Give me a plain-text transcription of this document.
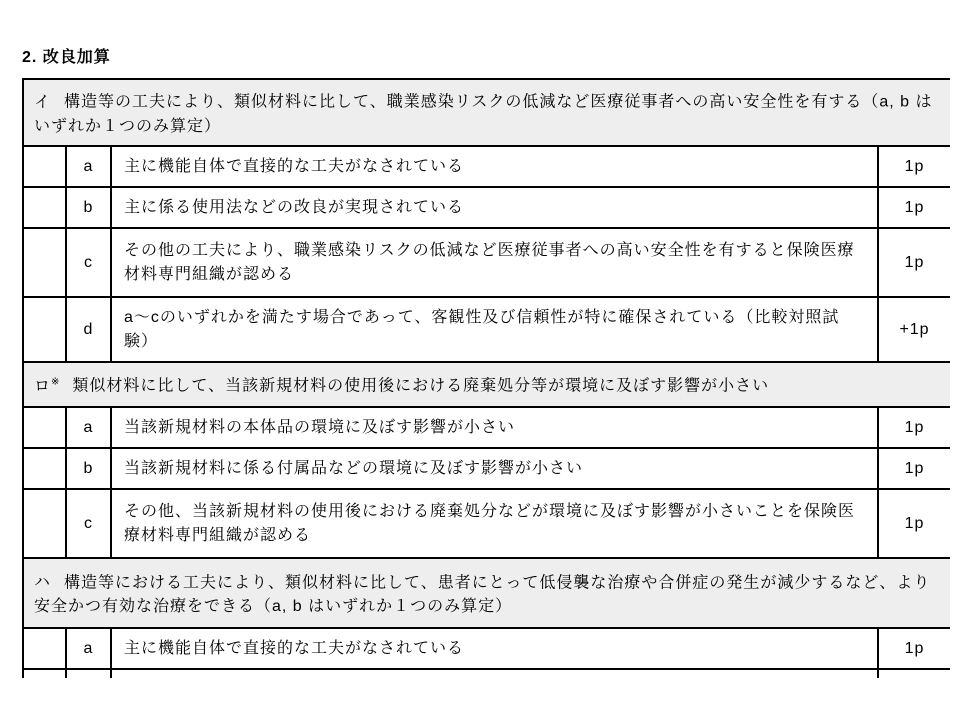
2. 改良加算
イ 構造等の工夫により、類似材料に比して、職業感染リスクの低減など医療従事者への高い安全性を有する（a, b はいずれか１つのみ算定）			
	a	主に機能自体で直接的な工夫がなされている	1p
	b	主に係る使用法などの改良が実現されている	1p
	c	その他の工夫により、職業感染リスクの低減など医療従事者への高い安全性を有すると保険医療材料専門組織が認める	1p
	d	a～cのいずれかを満たす場合であって、客観性及び信頼性が特に確保されている（比較対照試験）	+1p
ロ※ 類似材料に比して、当該新規材料の使用後における廃棄処分等が環境に及ぼす影響が小さい			
	a	当該新規材料の本体品の環境に及ぼす影響が小さい	1p
	b	当該新規材料に係る付属品などの環境に及ぼす影響が小さい	1p
	c	その他、当該新規材料の使用後における廃棄処分などが環境に及ぼす影響が小さいことを保険医療材料専門組織が認める	1p
ハ 構造等における工夫により、類似材料に比して、患者にとって低侵襲な治療や合併症の発生が減少するなど、より安全かつ有効な治療をできる（a, b はいずれか１つのみ算定）			
	a	主に機能自体で直接的な工夫がなされている	1p
